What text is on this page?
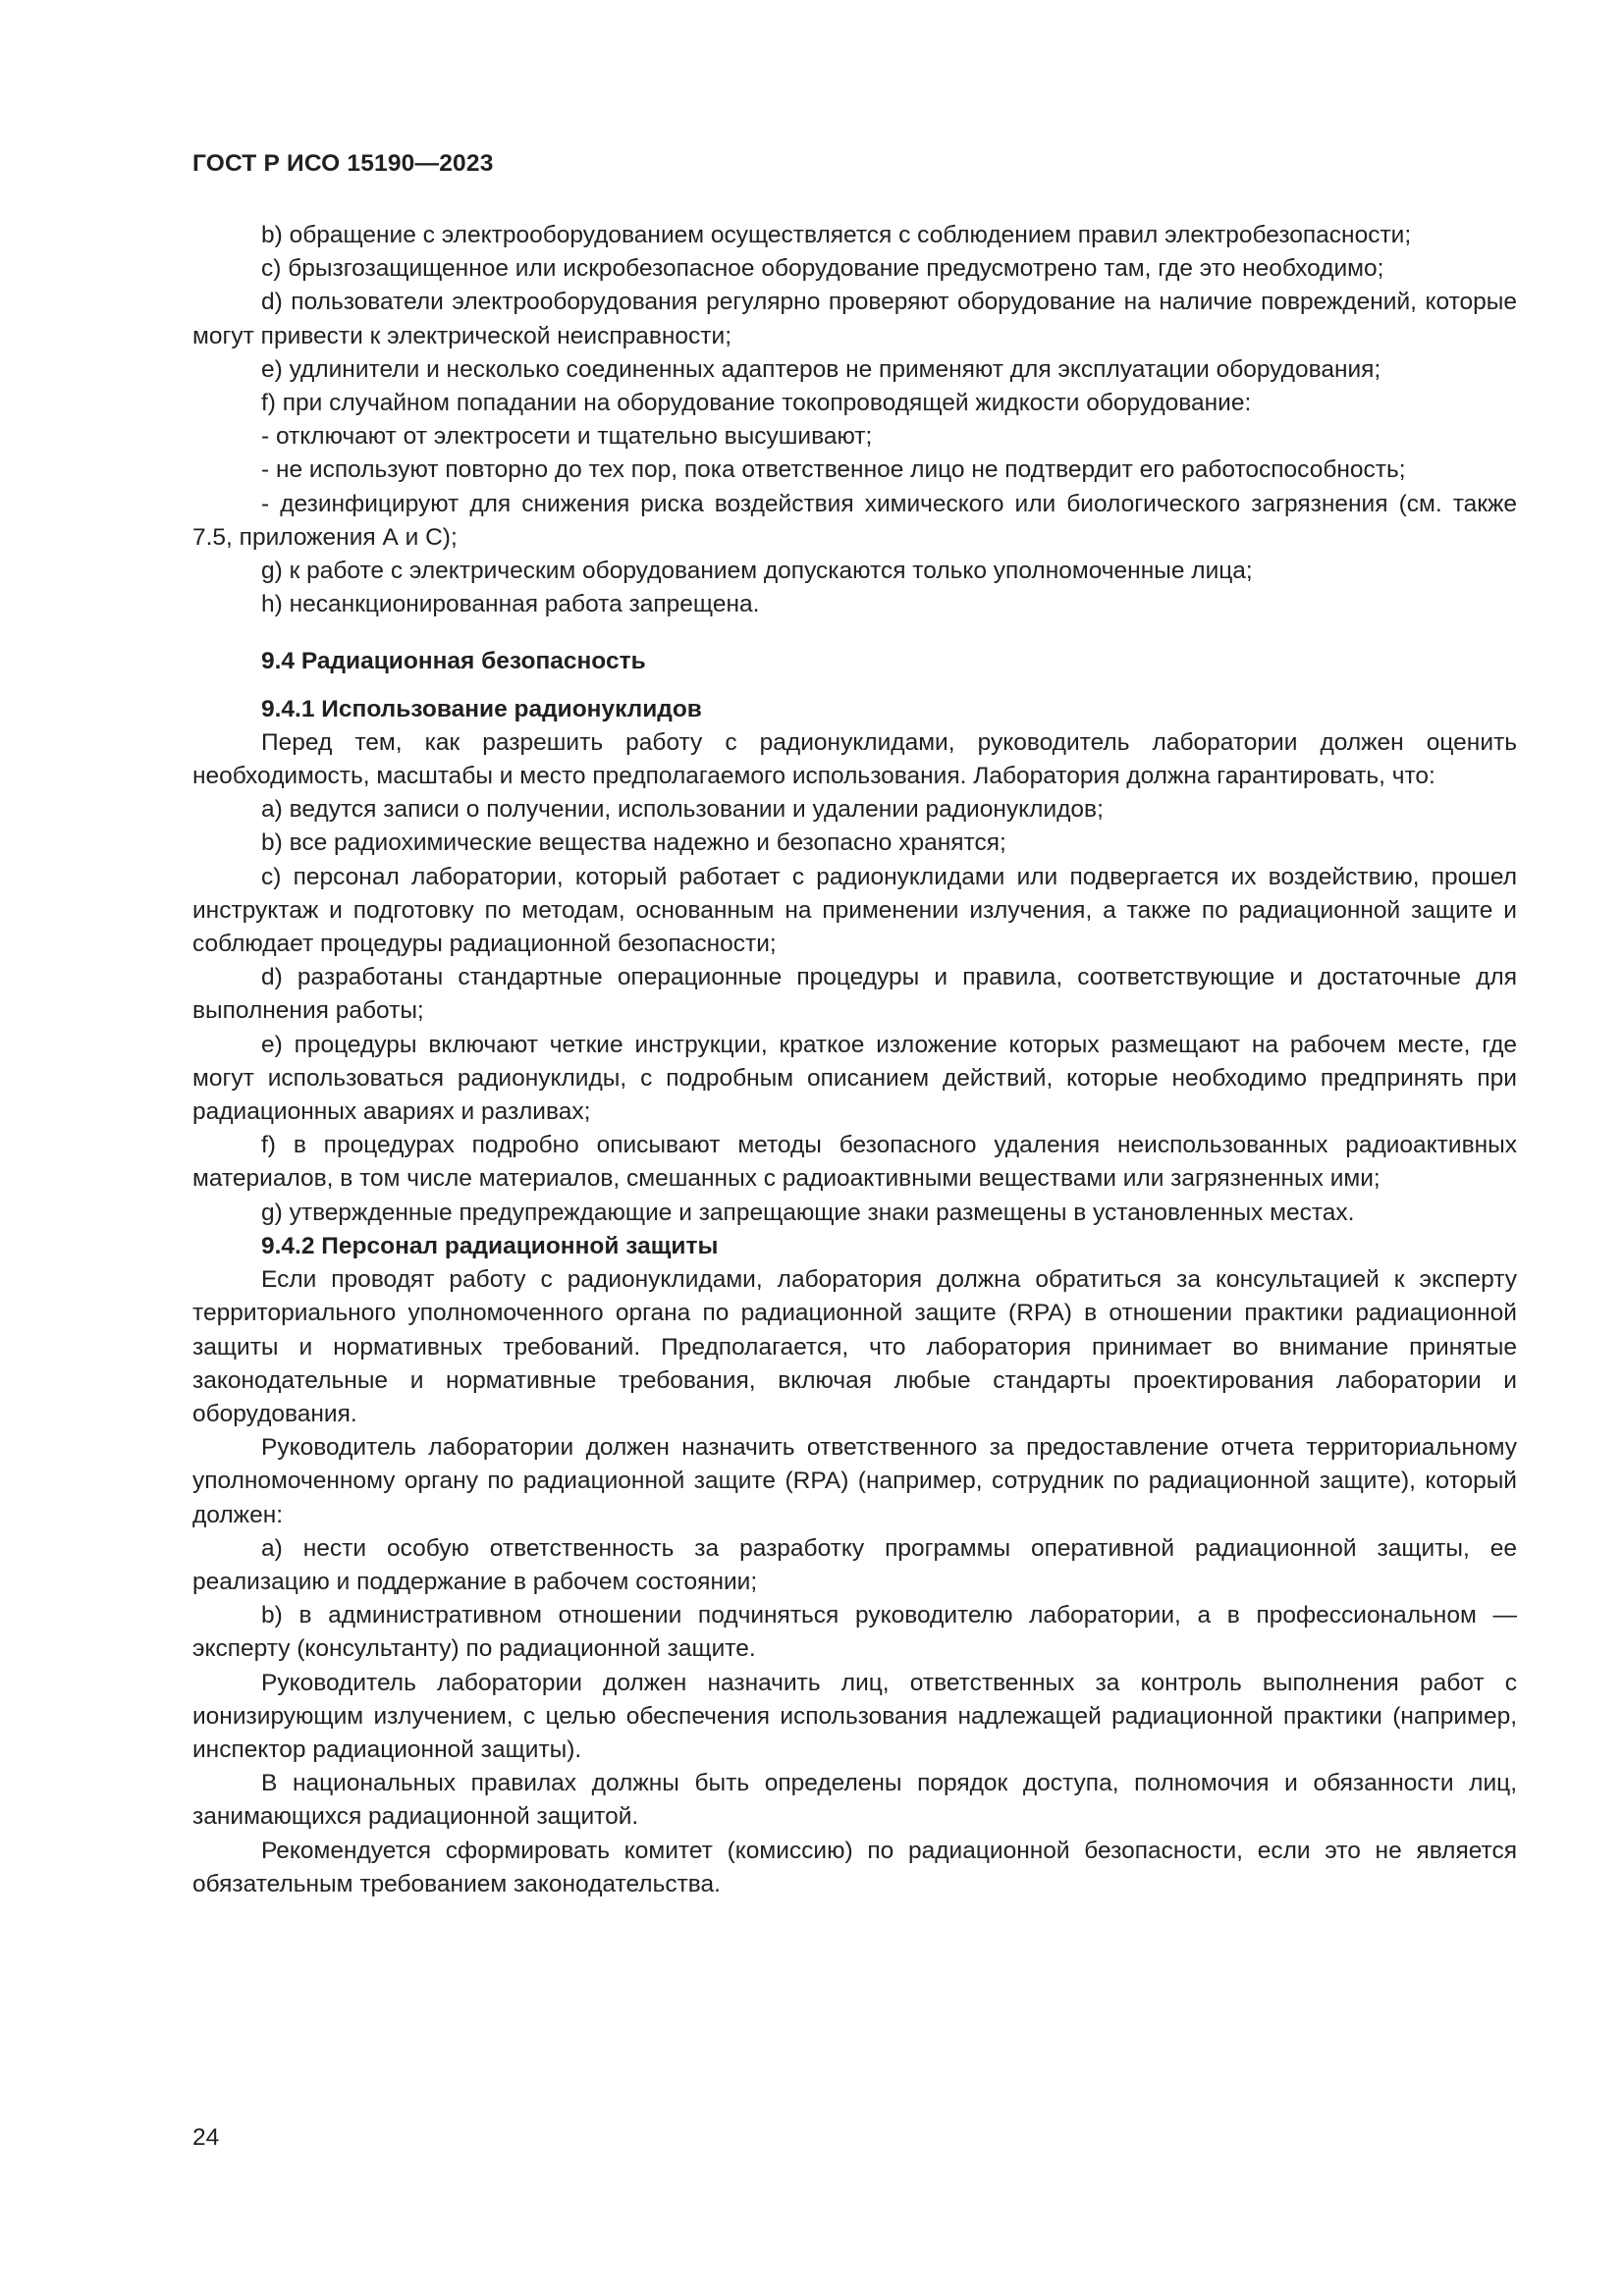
ГОСТ Р ИСО 15190—2023

b) обращение с электрооборудованием осуществляется с соблюдением правил электробезопасности;

c) брызгозащищенное или искробезопасное оборудование предусмотрено там, где это необходимо;

d) пользователи электрооборудования регулярно проверяют оборудование на наличие повреждений, которые могут привести к электрической неисправности;

e) удлинители и несколько соединенных адаптеров не применяют для эксплуатации оборудования;

f) при случайном попадании на оборудование токопроводящей жидкости оборудование:

- отключают от электросети и тщательно высушивают;

- не используют повторно до тех пор, пока ответственное лицо не подтвердит его работоспособность;

- дезинфицируют для снижения риска воздействия химического или биологического загрязнения (см. также 7.5, приложения А и С);

g) к работе с электрическим оборудованием допускаются только уполномоченные лица;

h) несанкционированная работа запрещена.

9.4 Радиационная безопасность

9.4.1 Использование радионуклидов

Перед тем, как разрешить работу с радионуклидами, руководитель лаборатории должен оценить необходимость, масштабы и место предполагаемого использования. Лаборатория должна гарантировать, что:

a) ведутся записи о получении, использовании и удалении радионуклидов;

b) все радиохимические вещества надежно и безопасно хранятся;

c) персонал лаборатории, который работает с радионуклидами или подвергается их воздействию, прошел инструктаж и подготовку по методам, основанным на применении излучения, а также по радиационной защите и соблюдает процедуры радиационной безопасности;

d) разработаны стандартные операционные процедуры и правила, соответствующие и достаточные для выполнения работы;

e) процедуры включают четкие инструкции, краткое изложение которых размещают на рабочем месте, где могут использоваться радионуклиды, с подробным описанием действий, которые необходимо предпринять при радиационных авариях и разливах;

f) в процедурах подробно описывают методы безопасного удаления неиспользованных радиоактивных материалов, в том числе материалов, смешанных с радиоактивными веществами или загрязненных ими;

g) утвержденные предупреждающие и запрещающие знаки размещены в установленных местах.

9.4.2 Персонал радиационной защиты

Если проводят работу с радионуклидами, лаборатория должна обратиться за консультацией к эксперту территориального уполномоченного органа по радиационной защите (RPA) в отношении практики радиационной защиты и нормативных требований. Предполагается, что лаборатория принимает во внимание принятые законодательные и нормативные требования, включая любые стандарты проектирования лаборатории и оборудования.

Руководитель лаборатории должен назначить ответственного за предоставление отчета территориальному уполномоченному органу по радиационной защите (RPA) (например, сотрудник по радиационной защите), который должен:

a) нести особую ответственность за разработку программы оперативной радиационной защиты, ее реализацию и поддержание в рабочем состоянии;

b) в административном отношении подчиняться руководителю лаборатории, а в профессиональном — эксперту (консультанту) по радиационной защите.

Руководитель лаборатории должен назначить лиц, ответственных за контроль выполнения работ с ионизирующим излучением, с целью обеспечения использования надлежащей радиационной практики (например, инспектор радиационной защиты).

В национальных правилах должны быть определены порядок доступа, полномочия и обязанности лиц, занимающихся радиационной защитой.

Рекомендуется сформировать комитет (комиссию) по радиационной безопасности, если это не является обязательным требованием законодательства.

24
